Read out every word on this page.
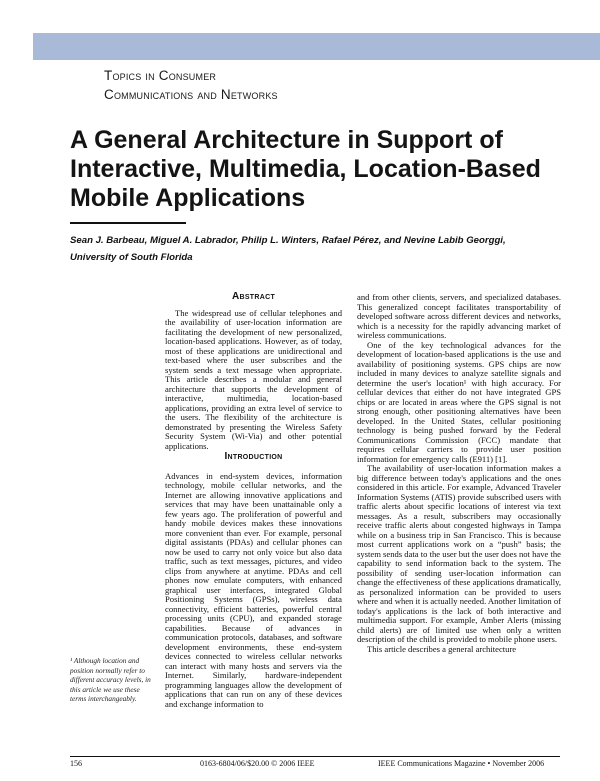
Topics in Consumer
Communications and Networks
A General Architecture in Support of Interactive, Multimedia, Location-Based Mobile Applications
Sean J. Barbeau, Miguel A. Labrador, Philip L. Winters, Rafael Pérez, and Nevine Labib Georggi,
University of South Florida
Abstract

The widespread use of cellular telephones and the availability of user-location information are facilitating the development of new personalized, location-based applications. However, as of today, most of these applications are unidirectional and text-based where the user subscribes and the system sends a text message when appropriate. This article describes a modular and general architecture that supports the development of interactive, multimedia, location-based applications, providing an extra level of service to the users. The flexibility of the architecture is demonstrated by presenting the Wireless Safety Security System (Wi-Via) and other potential applications.

Introduction

Advances in end-system devices, information technology, mobile cellular networks, and the Internet are allowing innovative applications and services that may have been unattainable only a few years ago. The proliferation of powerful and handy mobile devices makes these innovations more convenient than ever. For example, personal digital assistants (PDAs) and cellular phones can now be used to carry not only voice but also data traffic, such as text messages, pictures, and video clips from anywhere at anytime. PDAs and cell phones now emulate computers, with enhanced graphical user interfaces, integrated Global Positioning Systems (GPSs), wireless data connectivity, efficient batteries, powerful central processing units (CPU), and expanded storage capabilities. Because of advances in communication protocols, databases, and software development environments, these end-system devices connected to wireless cellular networks can interact with many hosts and servers via the Internet. Similarly, hardware-independent programming languages allow the development of applications that can run on any of these devices and exchange information to

and from other clients, servers, and specialized databases. This generalized concept facilitates transportability of developed software across different devices and networks, which is a necessity for the rapidly advancing market of wireless communications.

One of the key technological advances for the development of location-based applications is the use and availability of positioning systems. GPS chips are now included in many devices to analyze satellite signals and determine the user's location¹ with high accuracy. For cellular devices that either do not have integrated GPS chips or are located in areas where the GPS signal is not strong enough, other positioning alternatives have been developed. In the United States, cellular positioning technology is being pushed forward by the Federal Communications Commission (FCC) mandate that requires cellular carriers to provide user position information for emergency calls (E911) [1].

The availability of user-location information makes a big difference between today's applications and the ones considered in this article. For example, Advanced Traveler Information Systems (ATIS) provide subscribed users with traffic alerts about specific locations of interest via text messages. As a result, subscribers may occasionally receive traffic alerts about congested highways in Tampa while on a business trip in San Francisco. This is because most current applications work on a “push” basis; the system sends data to the user but the user does not have the capability to send information back to the system. The possibility of sending user-location information can change the effectiveness of these applications dramatically, as personalized information can be provided to users where and when it is actually needed. Another limitation of today's applications is the lack of both interactive and multimedia support. For example, Amber Alerts (missing child alerts) are of limited use when only a written description of the child is provided to mobile phone users.

This article describes a general architecture

¹ Although location and position normally refer to different accuracy levels, in this article we use these terms interchangeably.
156	0163-6804/06/$20.00 © 2006 IEEE	IEEE Communications Magazine • November 2006
